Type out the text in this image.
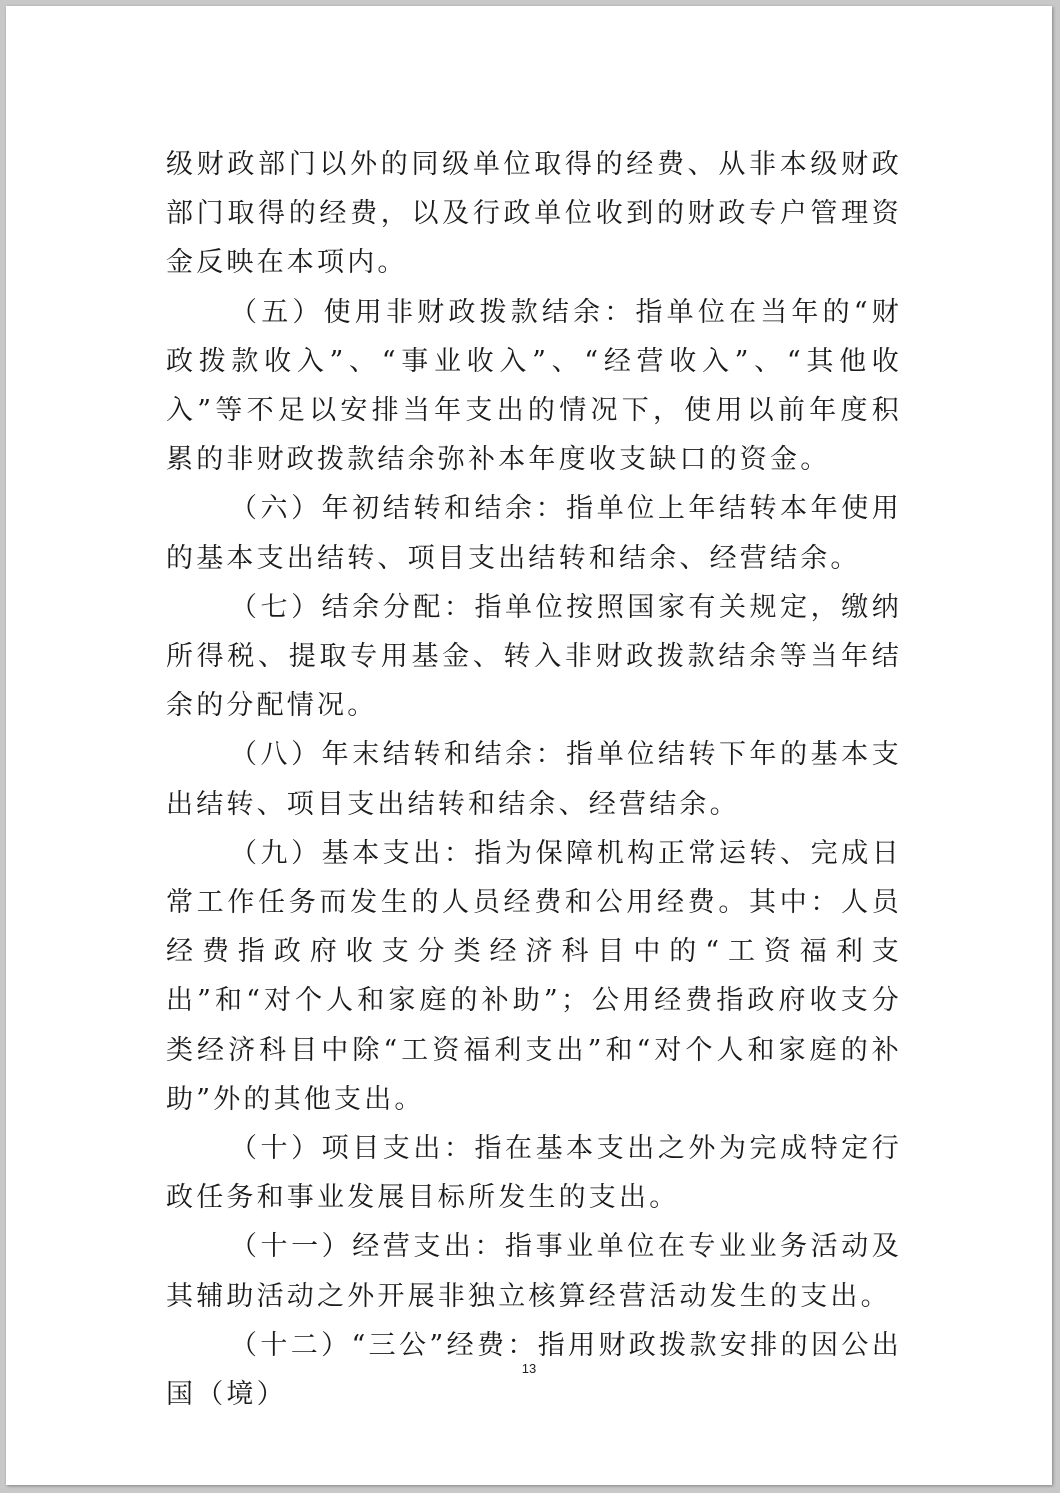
级财政部门以外的同级单位取得的经费、从非本级财政部门取得的经费，以及行政单位收到的财政专户管理资金反映在本项内。

（五）使用非财政拨款结余：指单位在当年的“财政拨款收入”、“事业收入”、“经营收入”、“其他收入”等不足以安排当年支出的情况下，使用以前年度积累的非财政拨款结余弥补本年度收支缺口的资金。

（六）年初结转和结余：指单位上年结转本年使用的基本支出结转、项目支出结转和结余、经营结余。

（七）结余分配：指单位按照国家有关规定，缴纳所得税、提取专用基金、转入非财政拨款结余等当年结余的分配情况。

（八）年末结转和结余：指单位结转下年的基本支出结转、项目支出结转和结余、经营结余。

（九）基本支出：指为保障机构正常运转、完成日常工作任务而发生的人员经费和公用经费。其中：人员经费指政府收支分类经济科目中的“工资福利支出”和“对个人和家庭的补助”；公用经费指政府收支分类经济科目中除“工资福利支出”和“对个人和家庭的补助”外的其他支出。

（十）项目支出：指在基本支出之外为完成特定行政任务和事业发展目标所发生的支出。

（十一）经营支出：指事业单位在专业业务活动及其辅助活动之外开展非独立核算经营活动发生的支出。

（十二）“三公”经费：指用财政拨款安排的因公出国（境）

13
